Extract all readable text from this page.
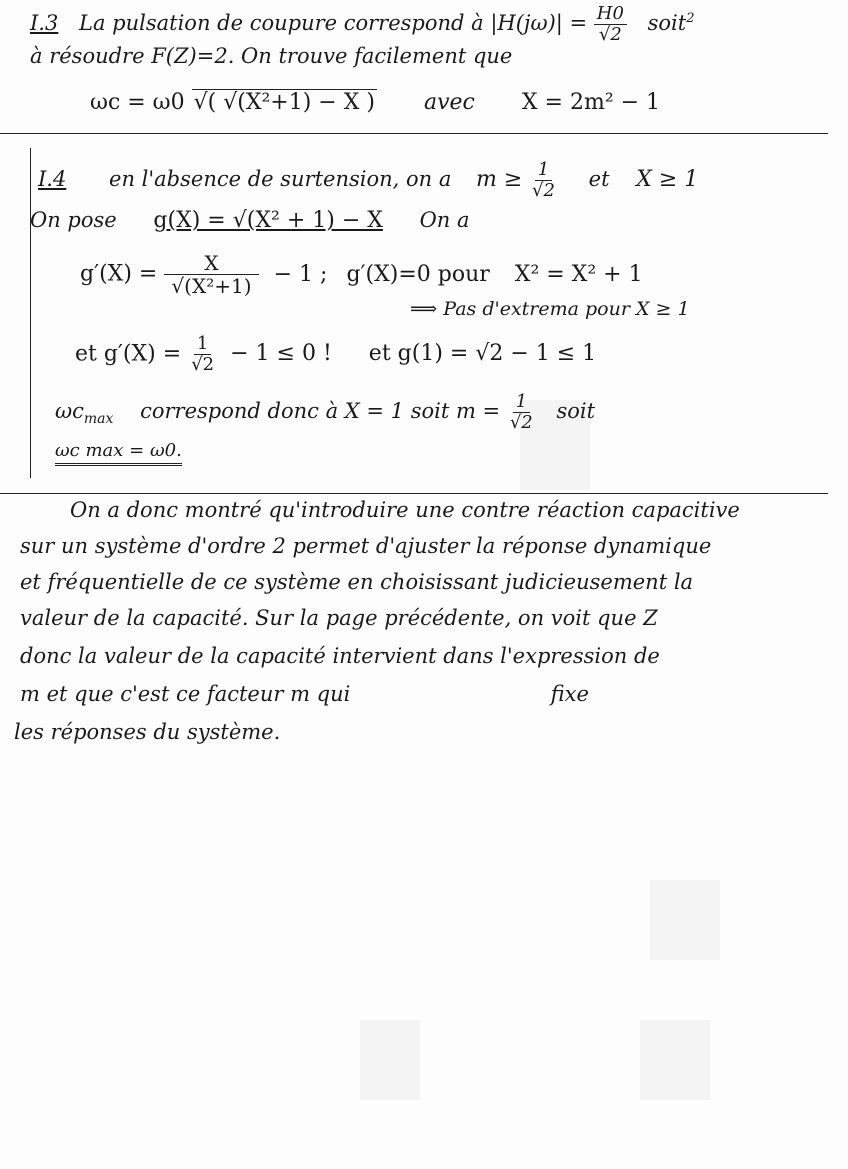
I.3 La pulsation de coupure correspond à $|H(j\omega)| = \frac{H0}{√2}$ soit$^2$
à résoudre F(Z)=2. On trouve facilement que
ωc = ω0 √( √(X²+1) − X ) avec X = 2m² − 1
I.4 en l'absence de surtension, on a $m \ge \frac{1}{√2}$ et X ≥ 1
On pose g(X) = √(X² + 1) − X On a
$g'(X) = \frac{X}{\text{√(X²+1)}} - 1$ ; g′(X)=0 pour X² = X² + 1
⟹ Pas d'extrema pour X ≥ 1
et $g'(X) = \frac{1}{√2} - 1 \le 0$ ! et g(1) = √2 − 1 ≤ 1
$\omega c_{max}$ correspond donc à X = 1 soit $m = \frac{1}{√2}$ soit
ωc max = ω0.
On a donc montré qu'introduire une contre réaction capacitive
sur un système d'ordre 2 permet d'ajuster la réponse dynamique
et fréquentielle de ce système en choisissant judicieusement la
valeur de la capacité. Sur la page précédente, on voit que Z
donc la valeur de la capacité intervient dans l'expression de
m et que c'est ce facteur m qui                              fixe
les réponses du système.
